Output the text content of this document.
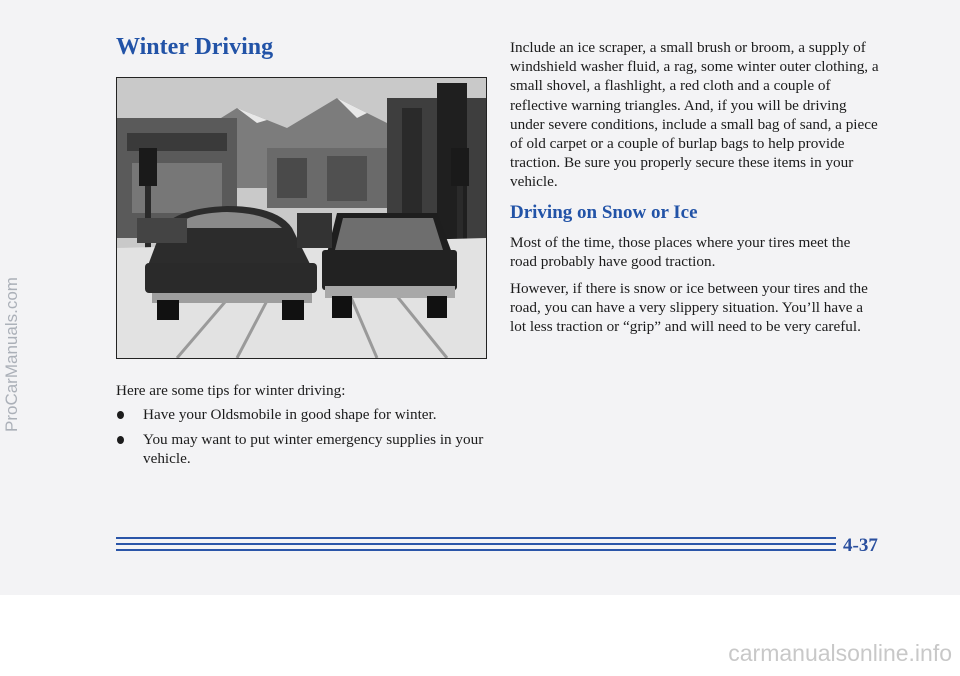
Winter Driving

Here are some tips for winter driving:

Have your Oldsmobile in good shape for winter.
You may want to put winter emergency supplies in your vehicle.

Include an ice scraper, a small brush or broom, a supply of windshield washer fluid, a rag, some winter outer clothing, a small shovel, a flashlight, a red cloth and a couple of reflective warning triangles. And, if you will be driving under severe conditions, include a small bag of sand, a piece of old carpet or a couple of burlap bags to help provide traction. Be sure you properly secure these items in your vehicle.

Driving on Snow or Ice

Most of the time, those places where your tires meet the road probably have good traction.

However, if there is snow or ice between your tires and the road, you can have a very slippery situation. You’ll have a lot less traction or “grip” and will need to be very careful.

4-37
ProCarManuals.com
carmanualsonline.info
